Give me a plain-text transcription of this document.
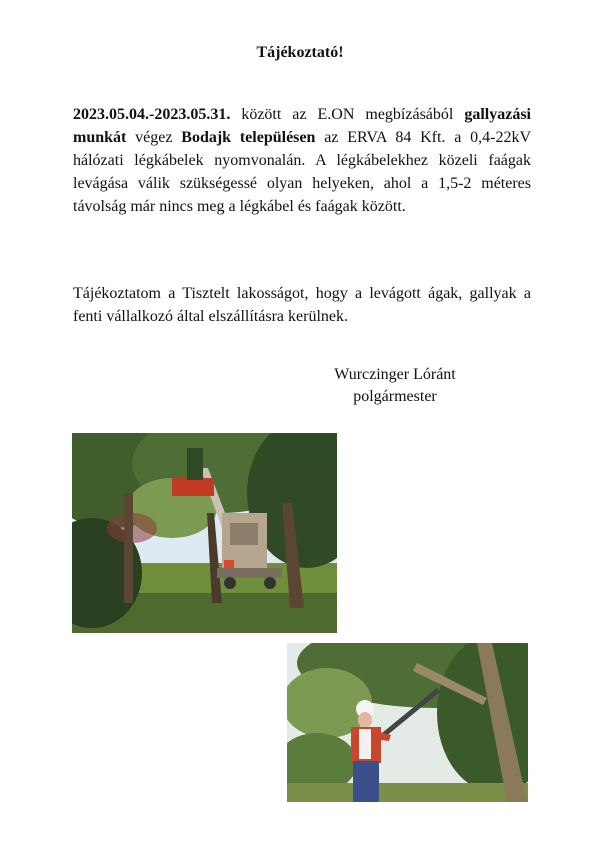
Tájékoztató!
2023.05.04.-2023.05.31. között az E.ON megbízásából gallyazási munkát végez Bodajk településen az ERVA 84 Kft. a 0,4-22kV hálózati légkábelek nyomvonalán. A légkábelekhez közeli faágak levágása válik szükségessé olyan helyeken, ahol a 1,5-2 méteres távolság már nincs meg a légkábel és faágak között.
Tájékoztatom a Tisztelt lakosságot, hogy a levágott ágak, gallyak a fenti vállalkozó által elszállításra kerülnek.
Wurczinger Lóránt
polgármester
